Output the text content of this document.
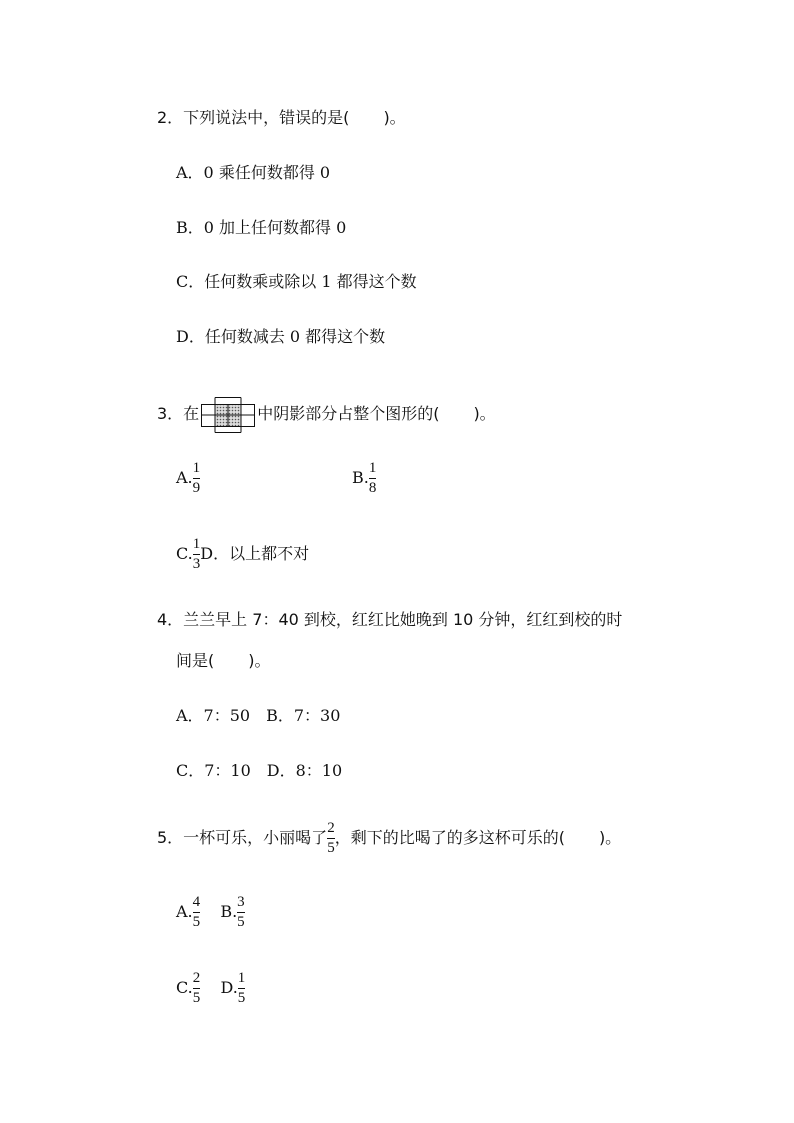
2．下列说法中，错误的是( )。
A．0 乘任何数都得 0
B．0 加上任何数都得 0
C．任何数乘或除以 1 都得这个数
D．任何数减去 0 都得这个数
3．在	中阴影部分占整个图形的( )。
A. $\frac{1}{9}$	B. $\frac{1}{8}$
C. $\frac{1}{3}$ D．以上都不对
4．兰兰早上 7：40 到校，红红比她晚到 10 分钟，红红到校的时
间是( )。
A．7：50　B．7：30
C．7：10　D．8：10
5．一杯可乐，小丽喝了 $\frac{2}{5}$ ，剩下的比喝了的多这杯可乐的( )。
A. $\frac{4}{5} B$. $\frac{3}{5}$
C. $\frac{2}{5} D$. $\frac{1}{5}$
